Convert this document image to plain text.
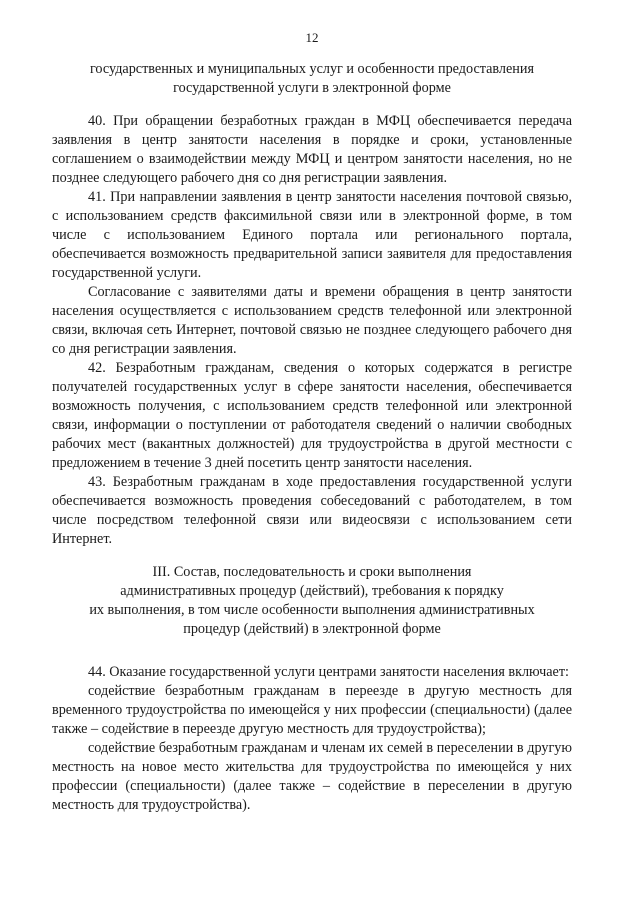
12
государственных и муниципальных услуг и особенности предоставления
государственной услуги в электронной форме

40. При обращении безработных граждан в МФЦ обеспечивается передача заявления в центр занятости населения в порядке и сроки, установленные соглашением о взаимодействии между МФЦ и центром занятости населения, но не позднее следующего рабочего дня со дня регистрации заявления.

41. При направлении заявления в центр занятости населения почтовой связью, с использованием средств факсимильной связи или в электронной форме, в том числе с использованием Единого портала или регионального портала, обеспечивается возможность предварительной записи заявителя для предоставления государственной услуги.

Согласование с заявителями даты и времени обращения в центр занятости населения осуществляется с использованием средств телефонной или электронной связи, включая сеть Интернет, почтовой связью не позднее следующего рабочего дня со дня регистрации заявления.

42. Безработным гражданам, сведения о которых содержатся в регистре получателей государственных услуг в сфере занятости населения, обеспечивается возможность получения, с использованием средств телефонной или электронной связи, информации о поступлении от работодателя сведений о наличии свободных рабочих мест (вакантных должностей) для трудоустройства в другой местности с предложением в течение 3 дней посетить центр занятости населения.

43. Безработным гражданам в ходе предоставления государственной услуги обеспечивается возможность проведения собеседований с работодателем, в том числе посредством телефонной связи или видеосвязи с использованием сети Интернет.

III. Состав, последовательность и сроки выполнения
административных процедур (действий), требования к порядку
их выполнения, в том числе особенности выполнения административных
процедур (действий) в электронной форме

44. Оказание государственной услуги центрами занятости населения включает:

содействие безработным гражданам в переезде в другую местность для временного трудоустройства по имеющейся у них профессии (специальности) (далее также – содействие в переезде другую местность для трудоустройства);

содействие безработным гражданам и членам их семей в переселении в другую местность на новое место жительства для трудоустройства по имеющейся у них профессии (специальности) (далее также – содействие в переселении в другую местность для трудоустройства).
